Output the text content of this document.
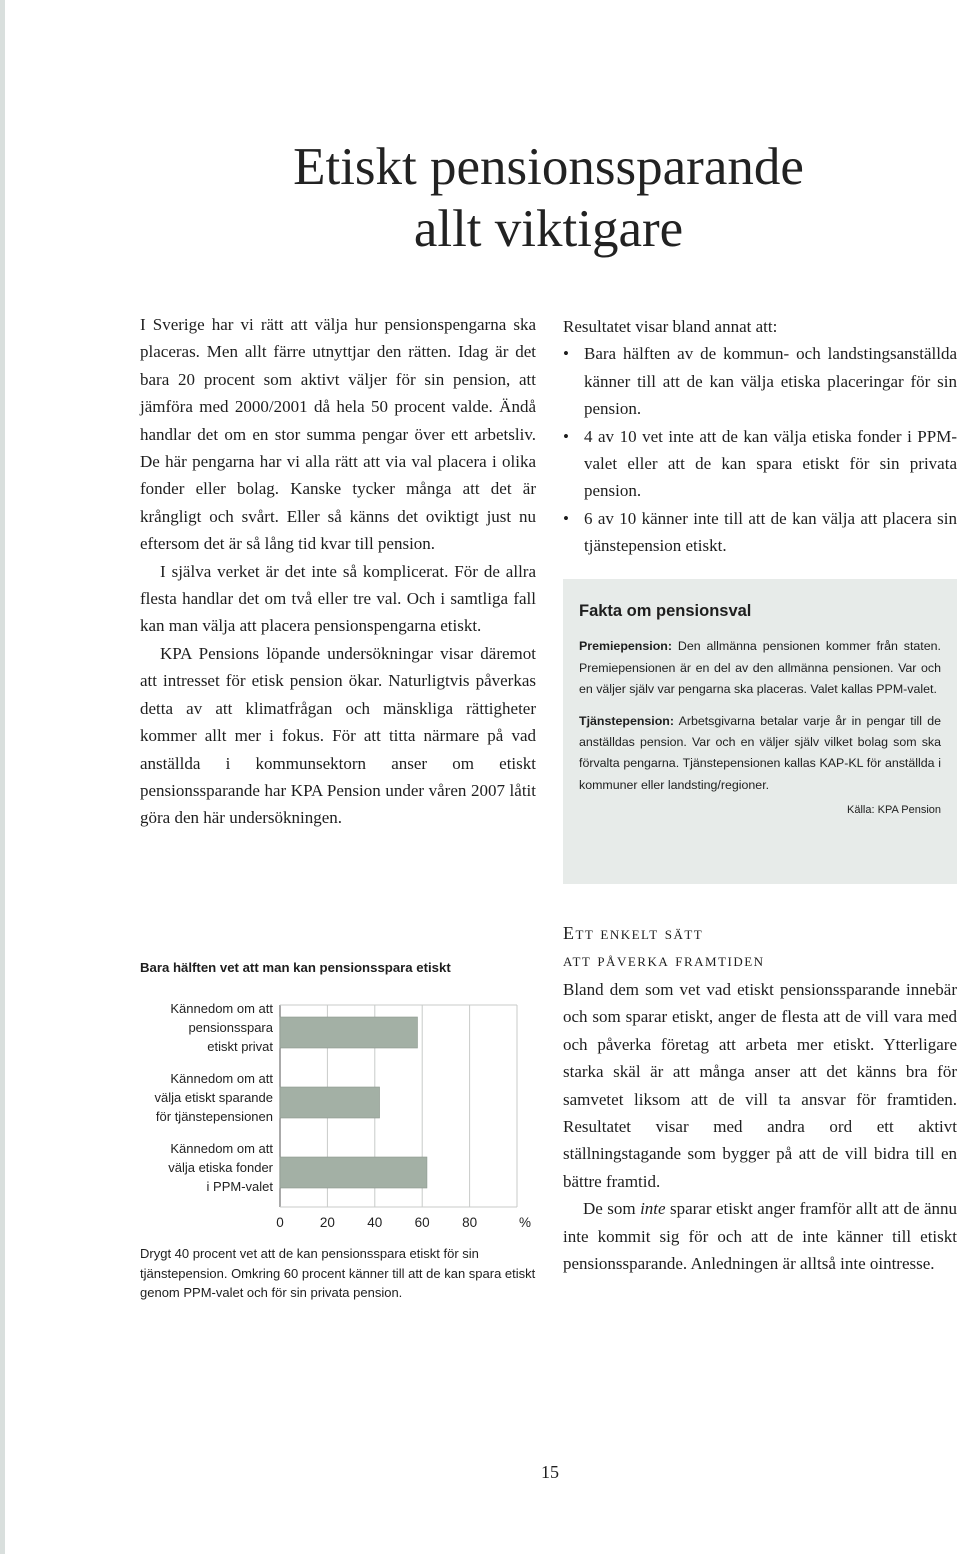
Etiskt pensionssparande
allt viktigare

I Sverige har vi rätt att välja hur pensionspengarna ska placeras. Men allt färre utnyttjar den rätten. Idag är det bara 20 procent som aktivt väljer för sin pension, att jämföra med 2000/2001 då hela 50 procent valde. Ändå handlar det om en stor summa pengar över ett arbetsliv. De här pengarna har vi alla rätt att via val placera i olika fonder eller bolag. Kanske tycker många att det är krångligt och svårt. Eller så känns det oviktigt just nu eftersom det är så lång tid kvar till pension.

I själva verket är det inte så komplicerat. För de allra flesta handlar det om två eller tre val. Och i samtliga fall kan man välja att placera pensionspengarna etiskt.

KPA Pensions löpande undersökningar visar däremot att intresset för etisk pension ökar. Naturligtvis påverkas detta av att klimatfrågan och mänskliga rättigheter kommer allt mer i fokus. För att titta närmare på vad anställda i kommunsektorn anser om etiskt pensionssparande har KPA Pension under våren 2007 låtit göra den här undersökningen.

Resultatet visar bland annat att:

• Bara hälften av de kommun- och landstingsanställda känner till att de kan välja etiska placeringar för sin pension.
• 4 av 10 vet inte att de kan välja etiska fonder i PPM-valet eller att de kan spara etiskt för sin privata pension.
• 6 av 10 känner inte till att de kan välja att placera sin tjänstepension etiskt.
Fakta om pensionsval

Premiepension: Den allmänna pensionen kommer från staten. Premiepensionen är en del av den allmänna pensionen. Var och en väljer själv var pengarna ska placeras. Valet kallas PPM-valet.

Tjänstepension: Arbetsgivarna betalar varje år in pengar till de anställdas pension. Var och en väljer själv vilket bolag som ska förvalta pengarna. Tjänstepensionen kallas KAP-KL för anställda i kommuner eller landsting/regioner.

Källa: KPA Pension
Ett enkelt sätt
att påverka framtiden

Bland dem som vet vad etiskt pensionssparande innebär och som sparar etiskt, anger de flesta att de vill vara med och påverka företag att arbeta mer etiskt. Ytterligare starka skäl är att många anser att det känns bra för samvetet liksom att de vill ta ansvar för framtiden. Resultatet visar med andra ord ett aktivt ställningstagande som bygger på att de vill bidra till en bättre framtid.

De som inte sparar etiskt anger framför allt att de ännu inte kommit sig för och att de inte känner till etiskt pensionssparande. Anledningen är alltså inte ointresse.

Bara hälften vet att man kan pensionsspara etiskt
Kännedom om att pensionsspara etiskt privat
Kännedom om att välja etiskt sparande för tjänstepensionen
Kännedom om att välja etiska fonder i PPM-valet
0	20 40 60 80	%
Drygt 40 procent vet att de kan pensionsspara etiskt för sin tjänstepension. Omkring 60 procent känner till att de kan spara etiskt genom PPM-valet och för sin privata pension.
15
